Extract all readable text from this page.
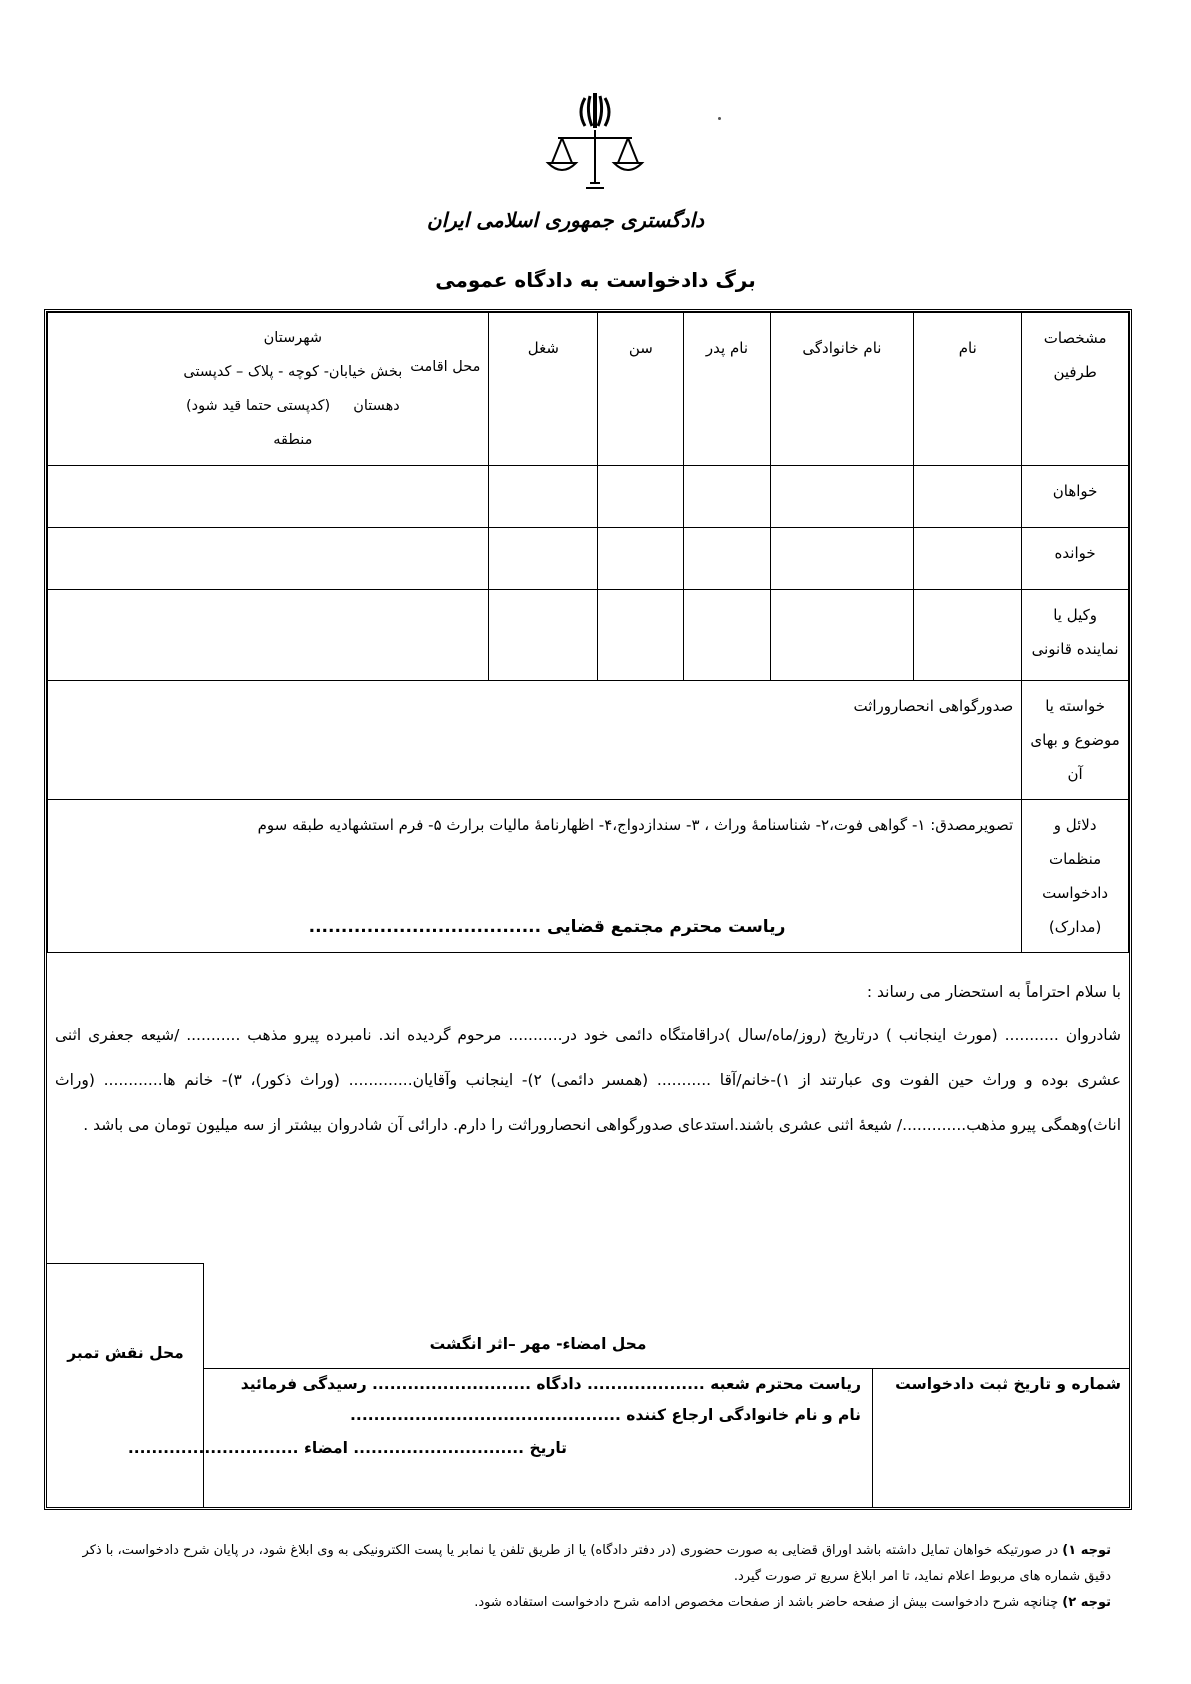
دادگستری جمهوری اسلامی ایران
برگ دادخواست به دادگاه عمومی
مشخصات طرفین	نام	نام خانوادگی	نام پدر	سن	شغل	محل اقامت
شهرستان
بخش خیابان- کوچه - پلاک – کدپستی
دهستان     (کدپستی حتما قید شود)
منطقه

خواهان						
خوانده						
وکیل یا نماینده قانونی						
خواسته یا موضوع و بهای آن	صدورگواهی انحصاروراثت					
دلائل و منظمات دادخواست (مدارک)	تصویرمصدق: ۱- گواهی فوت،۲- شناسنامهٔ وراث ، ۳- سندازدواج،۴- اظهارنامهٔ مالیات برارث ۵- فرم استشهادیه طبقه سوم					
ریاست محترم مجتمع قضایی ....................................
با سلام احتراماً به استحضار می رساند :
شادروان ........... (مورث اینجانب ) درتاریخ (روز/ماه/سال )دراقامتگاه دائمی خود در........... مرحوم گردیده اند. نامبرده پیرو مذهب ........... /شیعه جعفری اثنی عشری بوده و وراث حین الفوت وی عبارتند از ۱)-خانم/آقا ........... (همسر دائمی) ۲)- اینجانب وآقایان............. (وراث ذکور)، ۳)- خانم ها............ (وراث اناث)وهمگی پیرو مذهب............./ شیعهٔ اثنی عشری باشند.استدعای صدورگواهی انحصاروراثت را دارم. دارائی آن شادروان بیشتر از سه میلیون تومان می باشد .
محل نقش تمبر	محل امضاء- مهر –اثر انگشت
شماره و تاریخ ثبت دادخواست
ریاست محترم شعبه .................... دادگاه ........................... رسیدگی فرمائید
نام و نام خانوادگی ارجاع کننده ..............................................
تاریخ ............................. امضاء .............................

توجه ۱) در صورتیکه خواهان تمایل داشته باشد اوراق قضایی به صورت حضوری (در دفتر دادگاه) یا از طریق تلفن یا نمابر یا پست الکترونیکی به وی ابلاغ شود، در پایان شرح دادخواست، با ذکر دقیق شماره های مربوط اعلام نماید، تا امر ابلاغ سریع تر صورت گیرد.

توجه ۲) چنانچه شرح دادخواست بیش از صفحه حاضر باشد از صفحات مخصوص ادامه شرح دادخواست استفاده شود.
